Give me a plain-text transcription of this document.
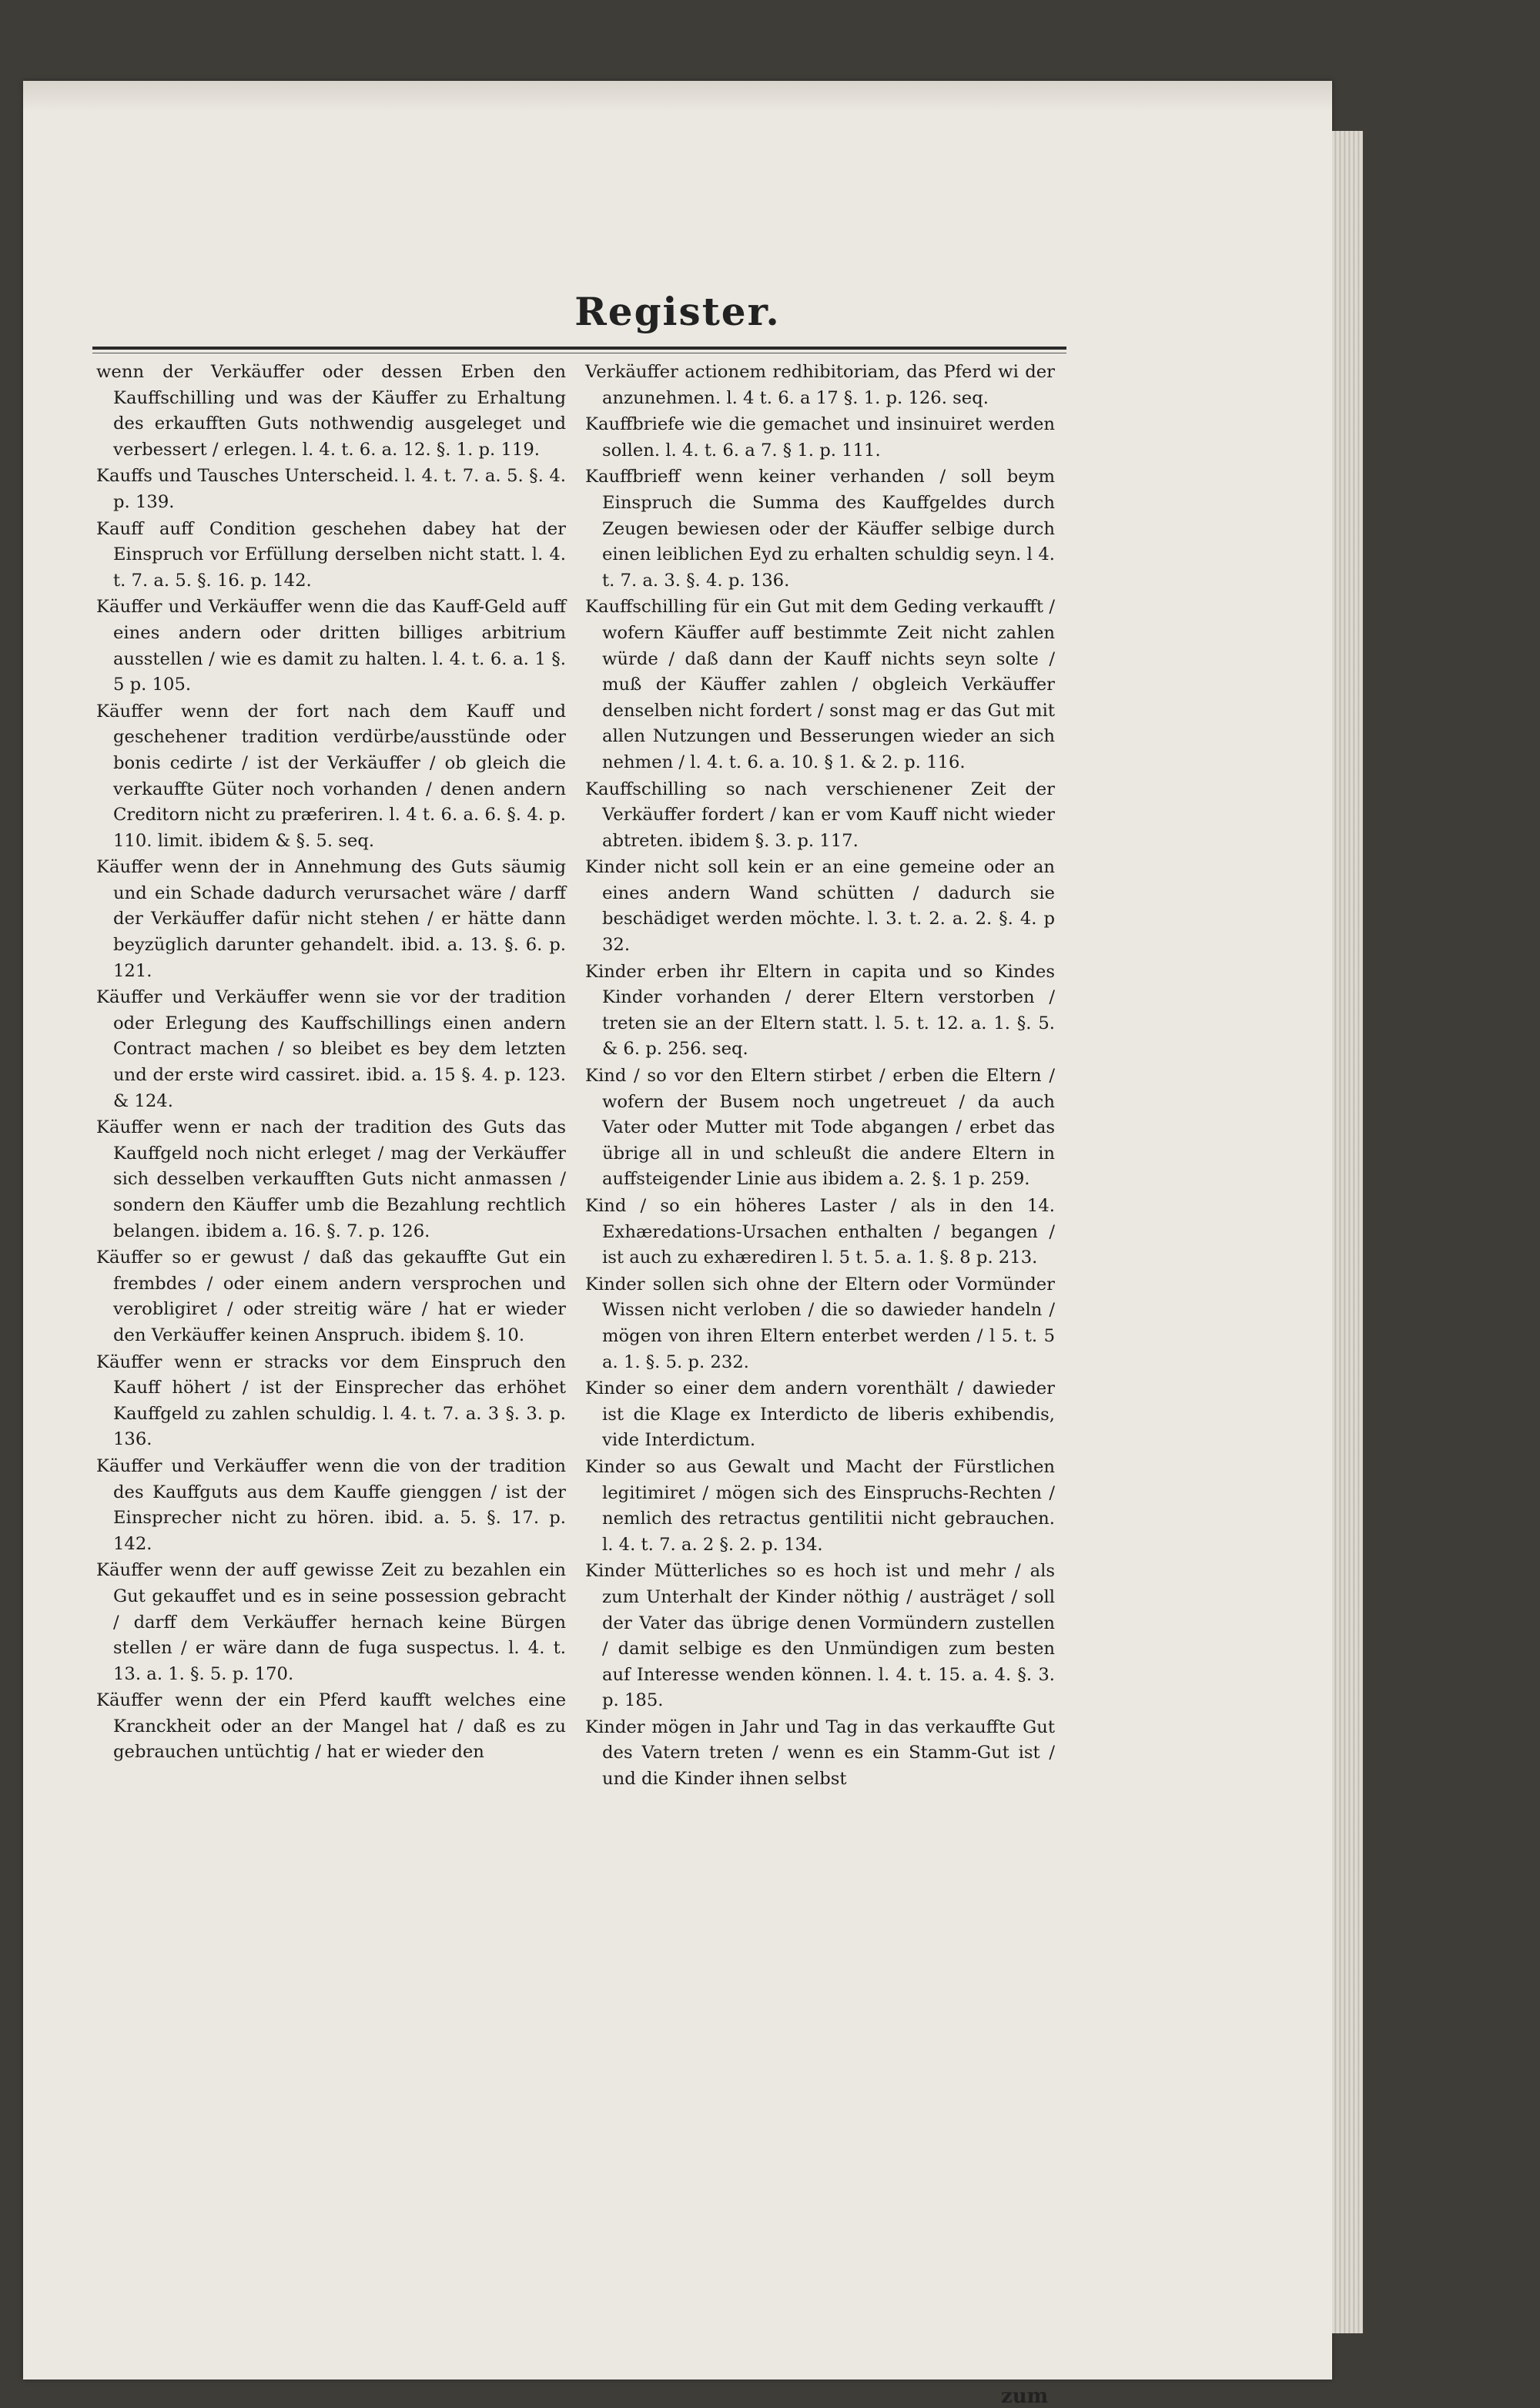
Register.

wenn der Verkäuffer oder dessen Erben den Kauffschilling und was der Käuffer zu Erhaltung des erkaufften Guts nothwendig ausgeleget und verbessert / erlegen. l. 4. t. 6. a. 12. §. 1. p. 119.

Kauffs und Tausches Unterscheid. l. 4. t. 7. a. 5. §. 4. p. 139.

Kauff auff Condition geschehen dabey hat der Einspruch vor Erfüllung derselben nicht statt. l. 4. t. 7. a. 5. §. 16. p. 142.

Käuffer und Verkäuffer wenn die das Kauff-Geld auff eines andern oder dritten billiges arbitrium ausstellen / wie es damit zu halten. l. 4. t. 6. a. 1 §. 5 p. 105.

Käuffer wenn der fort nach dem Kauff und geschehener tradition verdürbe/ausstünde oder bonis cedirte / ist der Verkäuffer / ob gleich die verkauffte Güter noch vorhanden / denen andern Creditorn nicht zu præferiren. l. 4 t. 6. a. 6. §. 4. p. 110. limit. ibidem & §. 5. seq.

Käuffer wenn der in Annehmung des Guts säumig und ein Schade dadurch verursachet wäre / darff der Verkäuffer dafür nicht stehen / er hätte dann beyzüglich darunter gehandelt. ibid. a. 13. §. 6. p. 121.

Käuffer und Verkäuffer wenn sie vor der tradition oder Erlegung des Kauffschillings einen andern Contract machen / so bleibet es bey dem letzten und der erste wird cassiret. ibid. a. 15 §. 4. p. 123. & 124.

Käuffer wenn er nach der tradition des Guts das Kauffgeld noch nicht erleget / mag der Verkäuffer sich desselben verkaufften Guts nicht anmassen / sondern den Käuffer umb die Bezahlung rechtlich belangen. ibidem a. 16. §. 7. p. 126.

Käuffer so er gewust / daß das gekauffte Gut ein frembdes / oder einem andern versprochen und verobligiret / oder streitig wäre / hat er wieder den Verkäuffer keinen Anspruch. ibidem §. 10.

Käuffer wenn er stracks vor dem Einspruch den Kauff höhert / ist der Einsprecher das erhöhet Kauffgeld zu zahlen schuldig. l. 4. t. 7. a. 3 §. 3. p. 136.

Käuffer und Verkäuffer wenn die von der tradition des Kauffguts aus dem Kauffe gienggen / ist der Einsprecher nicht zu hören. ibid. a. 5. §. 17. p. 142.

Käuffer wenn der auff gewisse Zeit zu bezahlen ein Gut gekauffet und es in seine possession gebracht / darff dem Verkäuffer hernach keine Bürgen stellen / er wäre dann de fuga suspectus. l. 4. t. 13. a. 1. §. 5. p. 170.

Käuffer wenn der ein Pferd kaufft welches eine Kranckheit oder an der Mangel hat / daß es zu gebrauchen untüchtig / hat er wieder den

Verkäuffer actionem redhibitoriam, das Pferd wi der anzunehmen. l. 4 t. 6. a 17 §. 1. p. 126. seq.

Kauffbriefe wie die gemachet und insinuiret werden sollen. l. 4. t. 6. a 7. § 1. p. 111.

Kauffbrieff wenn keiner verhanden / soll beym Einspruch die Summa des Kauffgeldes durch Zeugen bewiesen oder der Käuffer selbige durch einen leiblichen Eyd zu erhalten schuldig seyn. l 4. t. 7. a. 3. §. 4. p. 136.

Kauffschilling für ein Gut mit dem Geding verkaufft / wofern Käuffer auff bestimmte Zeit nicht zahlen würde / daß dann der Kauff nichts seyn solte / muß der Käuffer zahlen / obgleich Verkäuffer denselben nicht fordert / sonst mag er das Gut mit allen Nutzungen und Besserungen wieder an sich nehmen / l. 4. t. 6. a. 10. § 1. & 2. p. 116.

Kauffschilling so nach verschienener Zeit der Verkäuffer fordert / kan er vom Kauff nicht wieder abtreten. ibidem §. 3. p. 117.

Kinder nicht soll kein er an eine gemeine oder an eines andern Wand schütten / dadurch sie beschädiget werden möchte. l. 3. t. 2. a. 2. §. 4. p 32.

Kinder erben ihr Eltern in capita und so Kindes Kinder vorhanden / derer Eltern verstorben / treten sie an der Eltern statt. l. 5. t. 12. a. 1. §. 5. & 6. p. 256. seq.

Kind / so vor den Eltern stirbet / erben die Eltern / wofern der Busem noch ungetreuet / da auch Vater oder Mutter mit Tode abgangen / erbet das übrige all in und schleußt die andere Eltern in auffsteigender Linie aus ibidem a. 2. §. 1 p. 259.

Kind / so ein höheres Laster / als in den 14. Exhæredations-Ursachen enthalten / begangen / ist auch zu exhærediren l. 5 t. 5. a. 1. §. 8 p. 213.

Kinder sollen sich ohne der Eltern oder Vormünder Wissen nicht verloben / die so dawieder handeln / mögen von ihren Eltern enterbet werden / l 5. t. 5 a. 1. §. 5. p. 232.

Kinder so einer dem andern vorenthält / dawieder ist die Klage ex Interdicto de liberis exhibendis, vide Interdictum.

Kinder so aus Gewalt und Macht der Fürstlichen legitimiret / mögen sich des Einspruchs-Rechten / nemlich des retractus gentilitii nicht gebrauchen. l. 4. t. 7. a. 2 §. 2. p. 134.

Kinder Mütterliches so es hoch ist und mehr / als zum Unterhalt der Kinder nöthig / austräget / soll der Vater das übrige denen Vormündern zustellen / damit selbige es den Unmündigen zum besten auf Interesse wenden können. l. 4. t. 15. a. 4. §. 3. p. 185.

Kinder mögen in Jahr und Tag in das verkauffte Gut des Vatern treten / wenn es ein Stamm-Gut ist / und die Kinder ihnen selbst

zum
